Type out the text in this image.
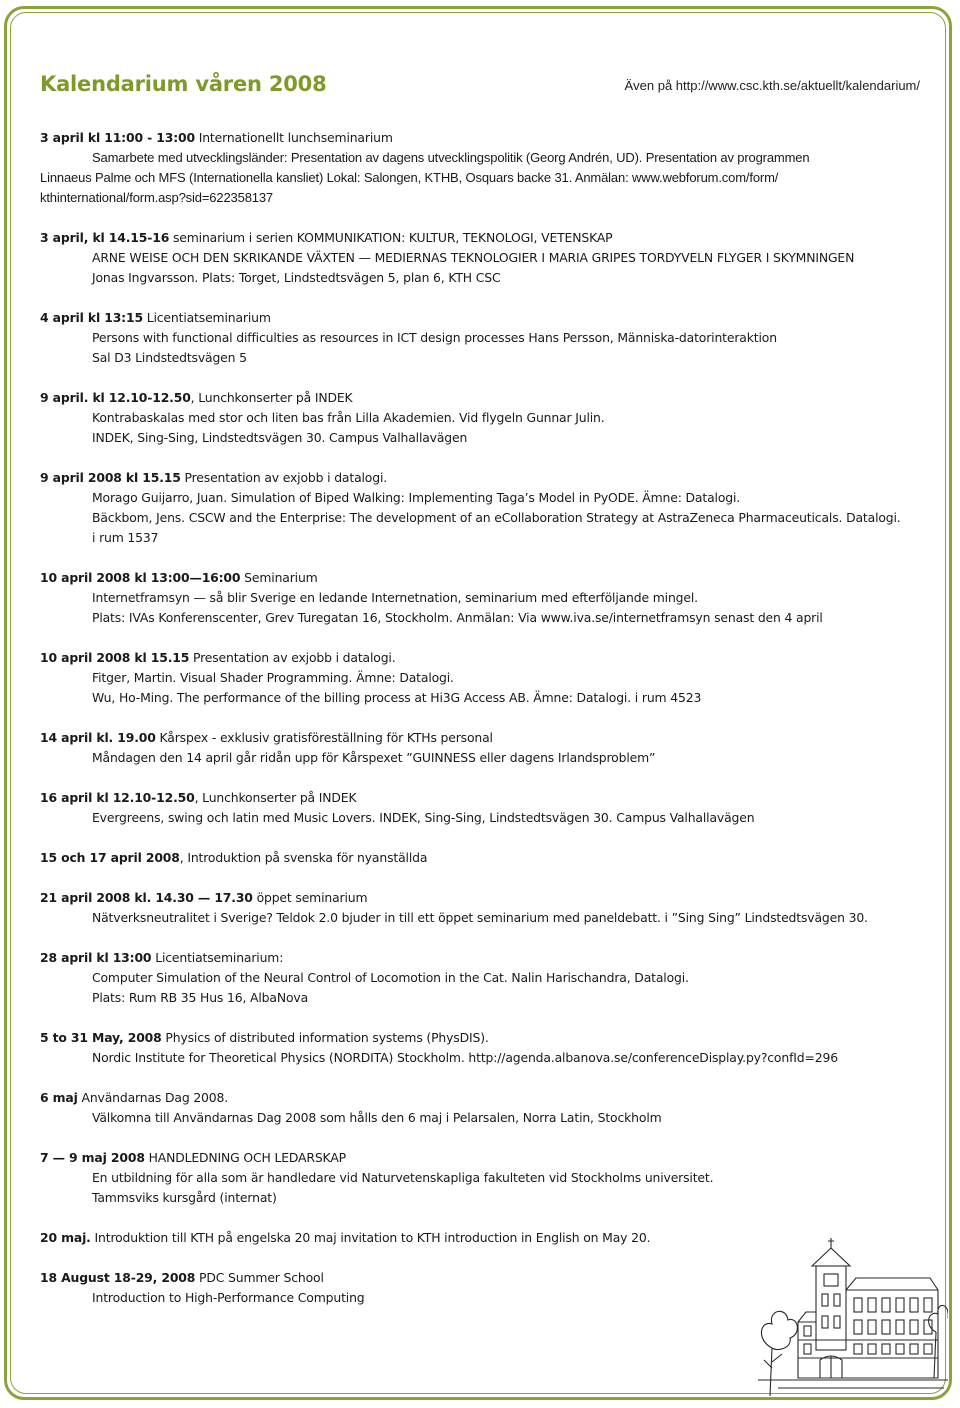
Kalendarium våren 2008	Även på http://www.csc.kth.se/aktuellt/kalendarium/
3 april kl 11:00 - 13:00 Internationellt lunchseminarium
Samarbete med utvecklingsländer: Presentation av dagens utvecklingspolitik (Georg Andrén, UD). Presentation av programmen
Linnaeus Palme och MFS (Internationella kansliet) Lokal: Salongen, KTHB, Osquars backe 31. Anmälan: www.webforum.com/form/
kthinternational/form.asp?sid=622358137
3 april, kl 14.15-16 seminarium i serien KOMMUNIKATION: KULTUR, TEKNOLOGI, VETENSKAP
ARNE WEISE OCH DEN SKRIKANDE VÄXTEN — MEDIERNAS TEKNOLOGIER I MARIA GRIPES TORDYVELN FLYGER I SKYMNINGEN
Jonas Ingvarsson. Plats: Torget, Lindstedtsvägen 5, plan 6, KTH CSC
4 april kl 13:15 Licentiatseminarium
Persons with functional difficulties as resources in ICT design processes Hans Persson, Människa-datorinteraktion
Sal D3 Lindstedtsvägen 5
9 april. kl 12.10-12.50, Lunchkonserter på INDEK
Kontrabaskalas med stor och liten bas från Lilla Akademien. Vid flygeln Gunnar Julin.
INDEK, Sing-Sing, Lindstedtsvägen 30. Campus Valhallavägen
9 april 2008 kl 15.15 Presentation av exjobb i datalogi.
Morago Guijarro, Juan. Simulation of Biped Walking: Implementing Taga’s Model in PyODE. Ämne: Datalogi.
Bäckbom, Jens. CSCW and the Enterprise: The development of an eCollaboration Strategy at AstraZeneca Pharmaceuticals. Datalogi.
i rum 1537
10 april 2008 kl 13:00—16:00 Seminarium
Internetframsyn — så blir Sverige en ledande Internetnation, seminarium med efterföljande mingel.
Plats: IVAs Konferenscenter, Grev Turegatan 16, Stockholm. Anmälan: Via www.iva.se/internetframsyn senast den 4 april
10 april 2008 kl 15.15 Presentation av exjobb i datalogi.
Fitger, Martin. Visual Shader Programming. Ämne: Datalogi.
Wu, Ho-Ming. The performance of the billing process at Hi3G Access AB. Ämne: Datalogi. i rum 4523
14 april kl. 19.00 Kårspex - exklusiv gratisföreställning för KTHs personal
Måndagen den 14 april går ridån upp för Kårspexet ”GUINNESS eller dagens Irlandsproblem”
16 april kl 12.10-12.50, Lunchkonserter på INDEK
Evergreens, swing och latin med Music Lovers. INDEK, Sing-Sing, Lindstedtsvägen 30. Campus Valhallavägen
15 och 17 april 2008, Introduktion på svenska för nyanställda
21 april 2008 kl. 14.30 — 17.30 öppet seminarium
Nätverksneutralitet i Sverige? Teldok 2.0 bjuder in till ett öppet seminarium med paneldebatt. i ”Sing Sing” Lindstedtsvägen 30.
28 april kl 13:00 Licentiatseminarium:
Computer Simulation of the Neural Control of Locomotion in the Cat. Nalin Harischandra, Datalogi.
Plats: Rum RB 35 Hus 16, AlbaNova
5 to 31 May, 2008 Physics of distributed information systems (PhysDIS).
Nordic Institute for Theoretical Physics (NORDITA) Stockholm. http://agenda.albanova.se/conferenceDisplay.py?confId=296
6 maj Användarnas Dag 2008.
Välkomna till Användarnas Dag 2008 som hålls den 6 maj i Pelarsalen, Norra Latin, Stockholm
7 — 9 maj 2008 HANDLEDNING OCH LEDARSKAP
En utbildning för alla som är handledare vid Naturvetenskapliga fakulteten vid Stockholms universitet.
Tammsviks kursgård (internat)
20 maj. Introduktion till KTH på engelska 20 maj invitation to KTH introduction in English on May 20.
18 August 18-29, 2008 PDC Summer School
Introduction to High-Performance Computing
